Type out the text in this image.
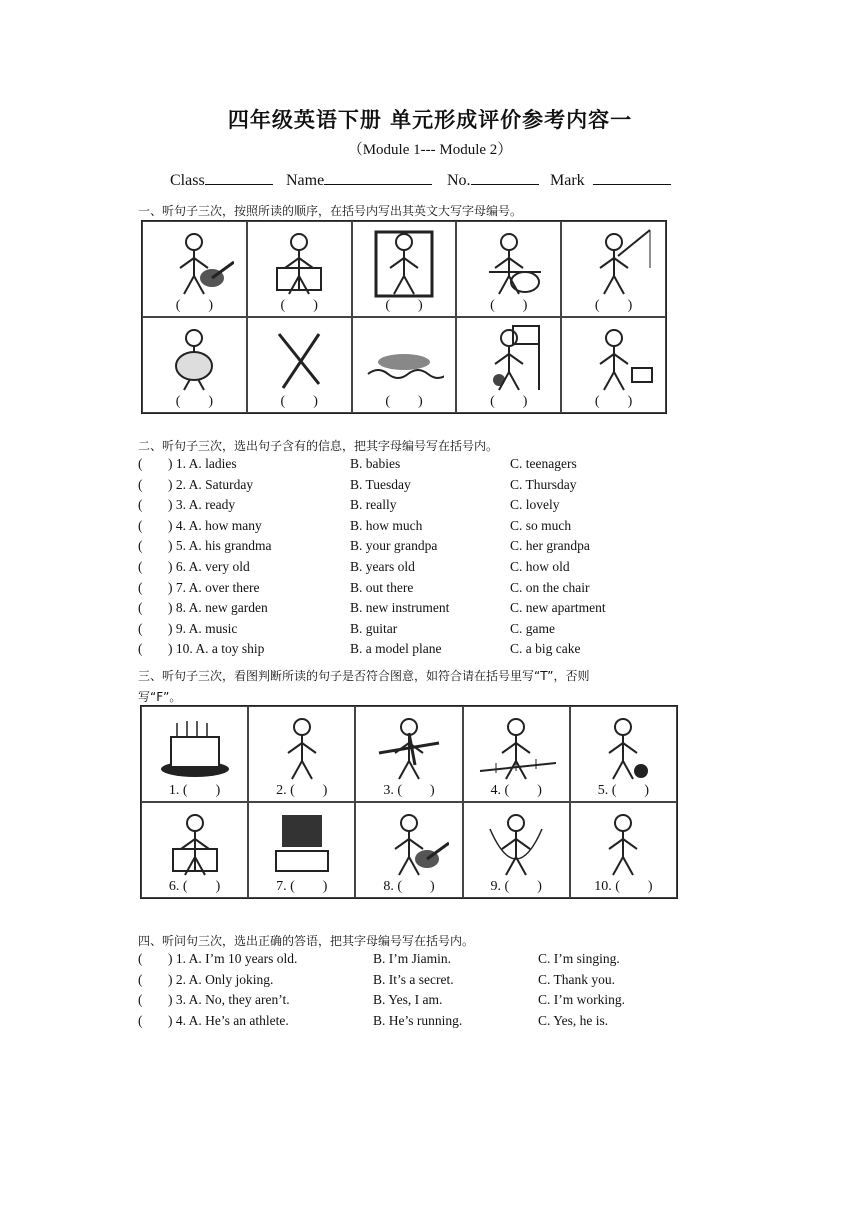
四年级英语下册 单元形成评价参考内容一
（Module 1--- Module 2）
Class	Name	No.	Mark
一、听句子三次，按照所读的顺序，在括号内写出其英文大写字母编号。
(　　)	(　　)	(　　)	(　　)	(　　)
(　　)	(　　)	(　　)	(　　)	(　　)
二、听句子三次，选出句子含有的信息，把其字母编号写在括号内。
( ) 1. A. ladies	B. babies	C. teenagers
( ) 2. A. Saturday	B. Tuesday	C. Thursday
( ) 3. A. ready	B. really	C. lovely
( ) 4. A. how many	B. how much	C. so much
( ) 5. A. his grandma	B. your grandpa	C. her grandpa
( ) 6. A. very old	B. years old	C. how old
( ) 7. A. over there	B. out there	C. on the chair
( ) 8. A. new garden	B. new instrument	C. new apartment
( ) 9. A. music	B. guitar	C. game
( ) 10. A. a toy ship	B. a model plane	C. a big cake
三、听句子三次，看图判断所读的句子是否符合图意，如符合请在括号里写“T”，否则
写“F”。
1. (　　)	2. (　　)	3. (　　)	4. (　　)	5. (　　)
6. (　　)	7. (　　)	8. (　　)	9. (　　)	10. (　　)
四、听问句三次，选出正确的答语，把其字母编号写在括号内。
( ) 1. A. I’m 10 years old.	B. I’m Jiamin.	C. I’m singing.
( ) 2. A. Only joking.	B. It’s a secret.	C. Thank you.
( ) 3. A. No, they aren’t.	B. Yes, I am.	C. I’m working.
( ) 4. A. He’s an athlete.	B. He’s running.	C. Yes, he is.
